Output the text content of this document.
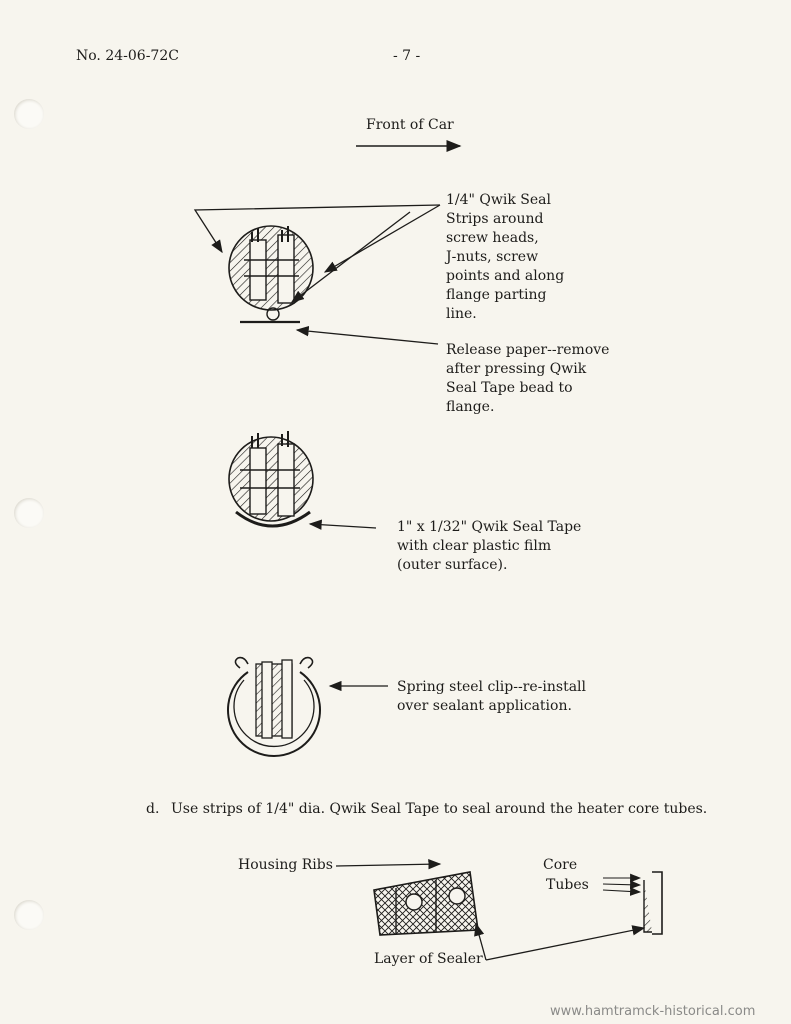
No. 24-06-72C	- 7 -
Front of Car
1/4" Qwik Seal
Strips around
screw heads,
J-nuts, screw
points and along
flange parting
line.
Release paper--remove
after pressing Qwik
Seal Tape bead to
flange.
1" x 1/32" Qwik Seal Tape
with clear plastic film
(outer surface).
Spring steel clip--re-install
over sealant application.
d. Use strips of 1/4" dia. Qwik Seal Tape to seal around the heater core tubes.
Housing Ribs	Core
Tubes
Layer of Sealer
www.hamtramck-historical.com
